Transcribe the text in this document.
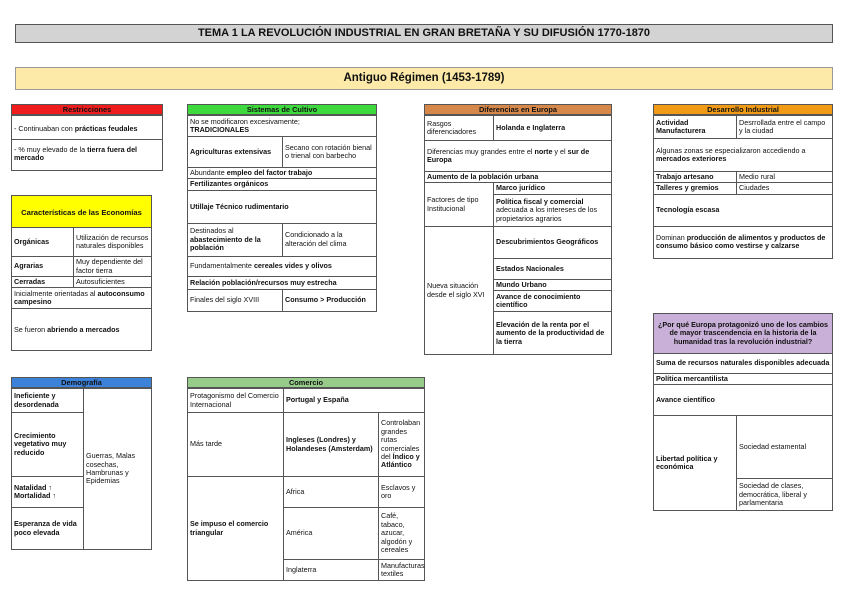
TEMA 1 LA REVOLUCIÓN INDUSTRIAL EN GRAN BRETAÑA Y SU DIFUSIÓN 1770-1870
Antiguo Régimen (1453-1789)
Restricciones
- Continuaban con prácticas feudales
- % muy elevado de la tierra fuera del mercado
Características de las Economías
Orgánicas	Utilización de recursos naturales disponibles
Agrarias	Muy dependiente del factor tierra
Cerradas	Autosuficientes
Inicialmente orientadas al autoconsumo campesino	
Se fueron abriendo a mercados	
Sistemas de Cultivo
No se modificaron excesivamente;
TRADICIONALES	
Agriculturas extensivas	Secano con rotación bienal o trienal con barbecho
Abundante empleo del factor trabajo	
Fertilizantes orgánicos	
Utillaje Técnico rudimentario	
Destinados al abastecimiento de la población	Condicionado a la alteración del clima
Fundamentalmente cereales vides y olivos	
Relación población/recursos muy estrecha	
Finales del siglo XVIII	Consumo > Producción
Diferencias en Europa
Rasgos diferenciadores	Holanda e Inglaterra
Diferencias muy grandes entre el norte y el sur de Europa	
Aumento de la población urbana	
Factores de tipo Institucional	Marco jurídico
	Política fiscal y comercial adecuada a los intereses de los propietarios agrarios
Nueva situación desde el siglo XVI	Descubrimientos Geográficos
	Estados Nacionales
	Mundo Urbano
	Avance de conocimiento científico
	Elevación de la renta por el aumento de la productividad de la tierra
Desarrollo Industrial
Actividad Manufacturera	Desrrollada entre el campo y la ciudad
Algunas zonas se especializaron accediendo a mercados exteriores	
Trabajo artesano	Medio rural
Talleres y gremios	Ciudades
Tecnología escasa	
Dominan producción de alimentos y productos de consumo básico como vestirse y calzarse	
¿Por qué Europa protagonizó uno de los cambios de mayor trascendencia en la historia de la humanidad tras la revolución industrial?
Suma de recursos naturales disponibles adecuada
Política mercantilista
Avance científico
Libertad política y económica	Sociedad estamental
Sociedad de clases, democrática, liberal y parlamentaria
Demografía
Ineficiente y desordenada	Guerras, Malas cosechas, Hambrunas y Epidemias
Crecimiento vegetativo muy reducido
Natalidad ↑
Mortalidad ↑
Esperanza de vida poco elevada
Comercio
Protagonismo del Comercio Internacional	Portugal y España	
Más tarde	Ingleses (Londres) y Holandeses (Amsterdam)	Controlaban grandes rutas comerciales del Índico y Atlántico
Se impuso el comercio triangular	Africa	Esclavos y oro
	América	Café, tabaco, azucar, algodón y cereales
	Inglaterra	Manufacturas textiles
